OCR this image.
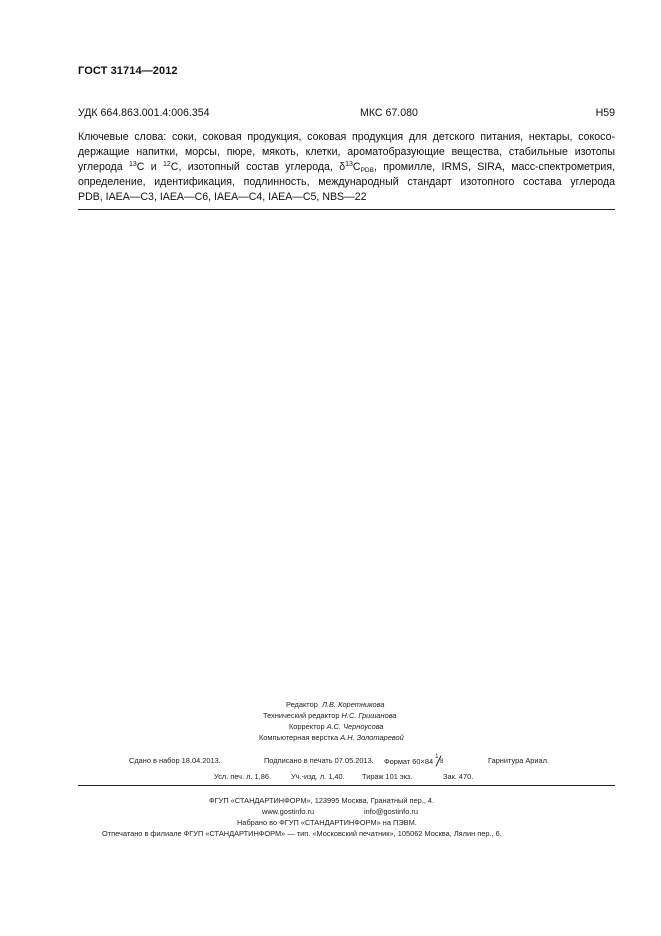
ГОСТ 31714—2012
УДК 664.863.001.4:006.354	МКС 67.080	Н59
Ключевые слова: соки, соковая продукция, соковая продукция для детского питания, нектары, сокосо-
держащие напитки, морсы, пюре, мякоть, клетки, ароматобразующие вещества, стабильные изотопы
углерода $^{13}$С и $^{12}$С, изотопный состав углерода, $\delta^{13}С_{PDB}$, промилле, IRMS, SIRA, масс-спектрометрия,
определение, идентификация, подлинность, международный стандарт изотопного состава углерода
PDB, IAEA—C3, IAEA—C6, IAEA—C4, IAEA—C5, NBS—22
Редактор Л.В. Коретникова
Технический редактор Н.С. Гришанова
Корректор А.С. Черноусова
Компьютерная верстка А.Н. Золотаревой
Сдано в набор 18.04.2013.	Подписано в печать 07.05.2013. Формат 60×84 1
8	Гарнитура Ариал.
Усл. печ. л. 1,86.	Уч.-изд. л. 1,40. Тираж 101 экз.	Зак. 470.
ФГУП «СТАНДАРТИНФОРМ», 123995 Москва, Гранатный пер., 4.
www.gostinfo.ru	info@gostinfo.ru
Набрано во ФГУП «СТАНДАРТИНФОРМ» на ПЭВМ.
Отпечатано в филиале ФГУП «СТАНДАРТИНФОРМ» — тип. «Московский печатник», 105062 Москва, Лялин пер., 6.
